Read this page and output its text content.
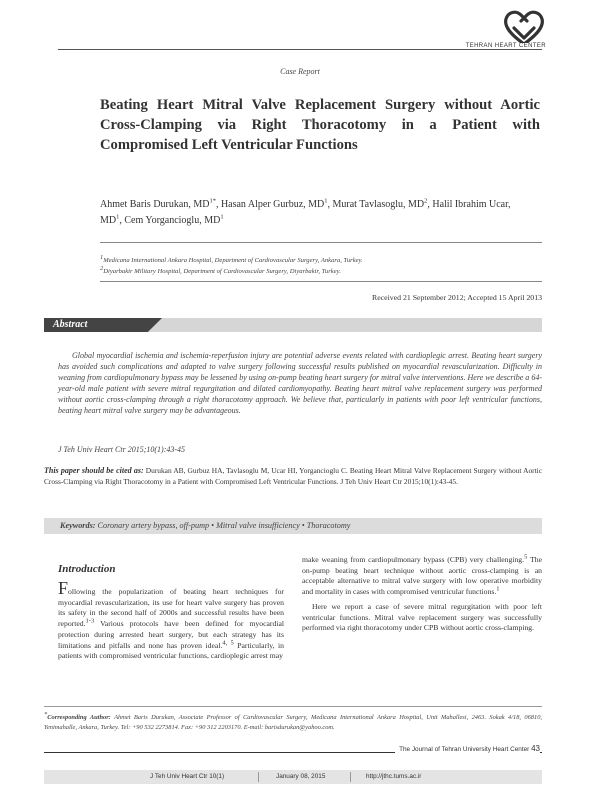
TEHRAN HEART CENTER
Case Report
Beating Heart Mitral Valve Replacement Surgery without Aortic Cross-Clamping via Right Thoracotomy in a Patient with Compromised Left Ventricular Functions
Ahmet Baris Durukan, $MD^{1*}$, Hasan Alper Gurbuz, $MD^1$, Murat Tavlasoglu, $MD^2$, Halil Ibrahim Ucar, $MD^1$, Cem Yorgancioglu, $MD^1$
1Medicana International Ankara Hospital, Department of Cardiovascular Surgery, Ankara, Turkey.
2Diyarbakir Military Hospital, Department of Cardiovascular Surgery, Diyarbakir, Turkey.
Received 21 September 2012; Accepted 15 April 2013
Abstract
Global myocardial ischemia and ischemia-reperfusion injury are potential adverse events related with cardioplegic arrest. Beating heart surgery has avoided such complications and adapted to valve surgery following successful results published on myocardial revascularization. Difficulty in weaning from cardiopulmonary bypass may be lessened by using on-pump beating heart surgery for mitral valve interventions. Here we describe a 64-year-old male patient with severe mitral regurgitation and dilated cardiomyopathy. Beating heart mitral valve replacement surgery was performed without aortic cross-clamping through a right thoracotomy approach. We believe that, particularly in patients with poor left ventricular functions, beating heart mitral valve surgery may be advantageous.
J Teh Univ Heart Ctr 2015;10(1):43-45
This paper should be cited as: Durukan AB, Gurbuz HA, Tavlasoglu M, Ucar HI, Yorgancioglu C. Beating Heart Mitral Valve Replacement Surgery without Aortic Cross-Clamping via Right Thoracotomy in a Patient with Compromised Left Ventricular Functions. J Teh Univ Heart Ctr 2015;10(1):43-45.
Keywords: Coronary artery bypass, off-pump • Mitral valve insufficiency • Thoracotomy
Introduction
Following the popularization of beating heart techniques for myocardial revascularization, its use for heart valve surgery has proven its safety in the second half of 2000s and successful results have been reported.$^{1-3}$ Various protocols have been defined for myocardial protection during arrested heart surgery, but each strategy has its limitations and pitfalls and none has proven ideal.$^{4, 5}$ Particularly, in patients with compromised ventricular functions, cardioplegic arrest may
make weaning from cardiopulmonary bypass (CPB) very challenging.$^5$ The on-pump beating heart technique without aortic cross-clamping is an acceptable alternative to mitral valve surgery with low operative morbidity and mortality in cases with compromised ventricular functions.$^1$
Here we report a case of severe mitral regurgitation with poor left ventricular functions. Mitral valve replacement surgery was successfully performed via right thoracotomy under CPB without aortic cross-clamping.
*Corresponding Author: Ahmet Baris Durukan, Associate Professor of Cardiovascular Surgery, Medicana International Ankara Hospital, Unit Mahallesi, 2463. Sokak 4/18, 06810, Yenimahalle, Ankara, Turkey. Tel: +90 532 2273814. Fax: +90 312 2203170. E-mail: barisdurukan@yahoo.com.
The Journal of Tehran University Heart Center 43
J Teh Univ Heart Ctr 10(1)	January 08, 2015	http://jthc.tums.ac.ir
